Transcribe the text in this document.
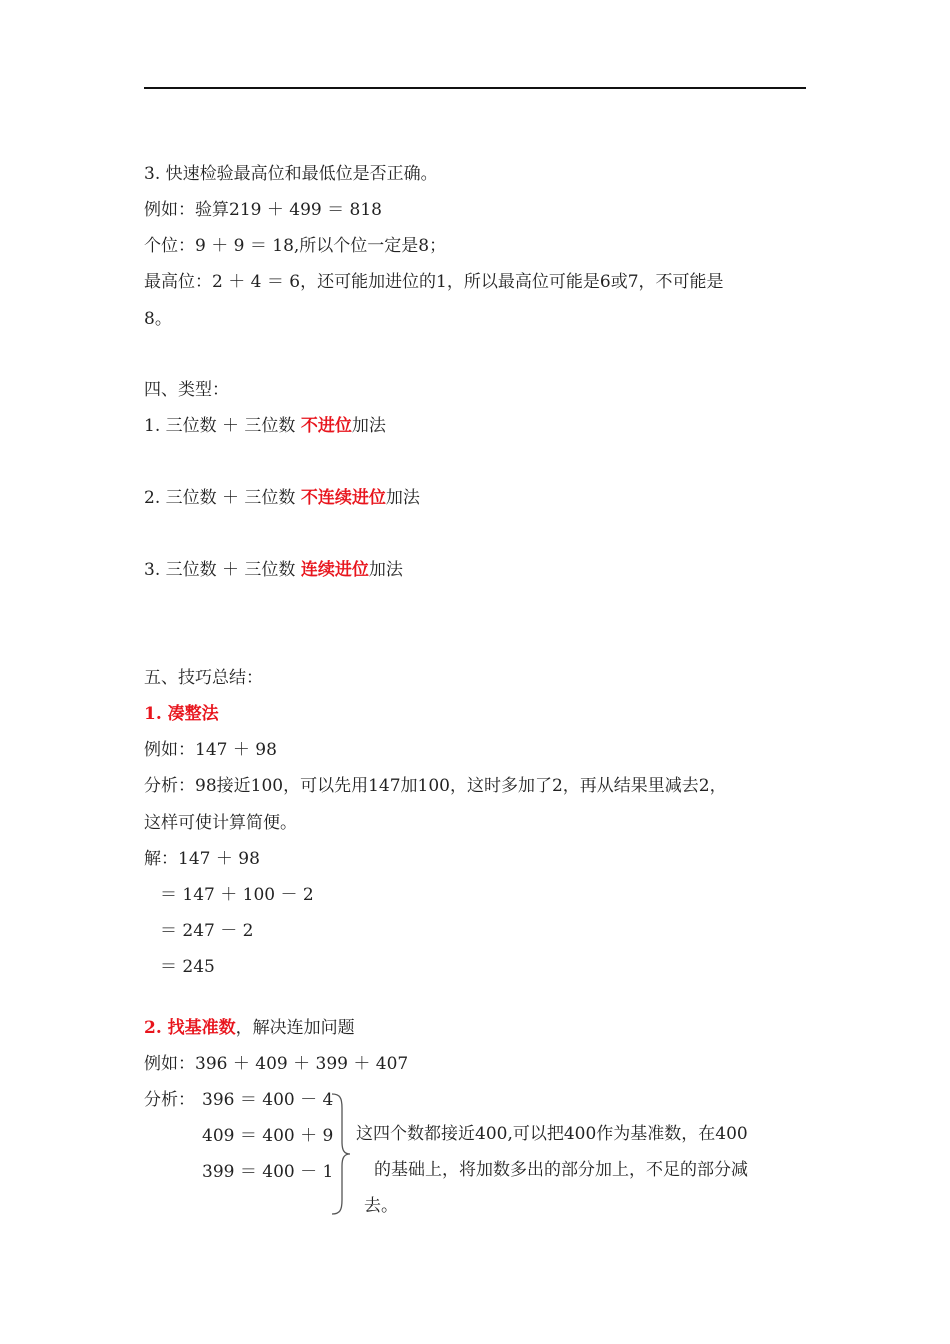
3. 快速检验最高位和最低位是否正确。
例如：验算219 ＋ 499 ＝ 818
个位：9 ＋ 9 ＝ 18,所以个位一定是8；
最高位：2 ＋ 4 ＝ 6，还可能加进位的1，所以最高位可能是6或7，不可能是
8。
四、类型：
1. 三位数 ＋ 三位数 不进位加法
2. 三位数 ＋ 三位数 不连续进位加法
3. 三位数 ＋ 三位数 连续进位加法
五、技巧总结：
1. 凑整法
例如：147 ＋ 98
分析：98接近100，可以先用147加100，这时多加了2，再从结果里减去2，
这样可使计算简便。
解：147 ＋ 98
＝ 147 ＋ 100 － 2
＝ 247 － 2
＝ 245
2. 找基准数，解决连加问题
例如：396 ＋ 409 ＋ 399 ＋ 407
分析： 396 ＝ 400 － 4
409 ＝ 400 ＋ 9
399 ＝ 400 － 1
这四个数都接近400,可以把400作为基准数，在400
的基础上，将加数多出的部分加上，不足的部分减
去。
